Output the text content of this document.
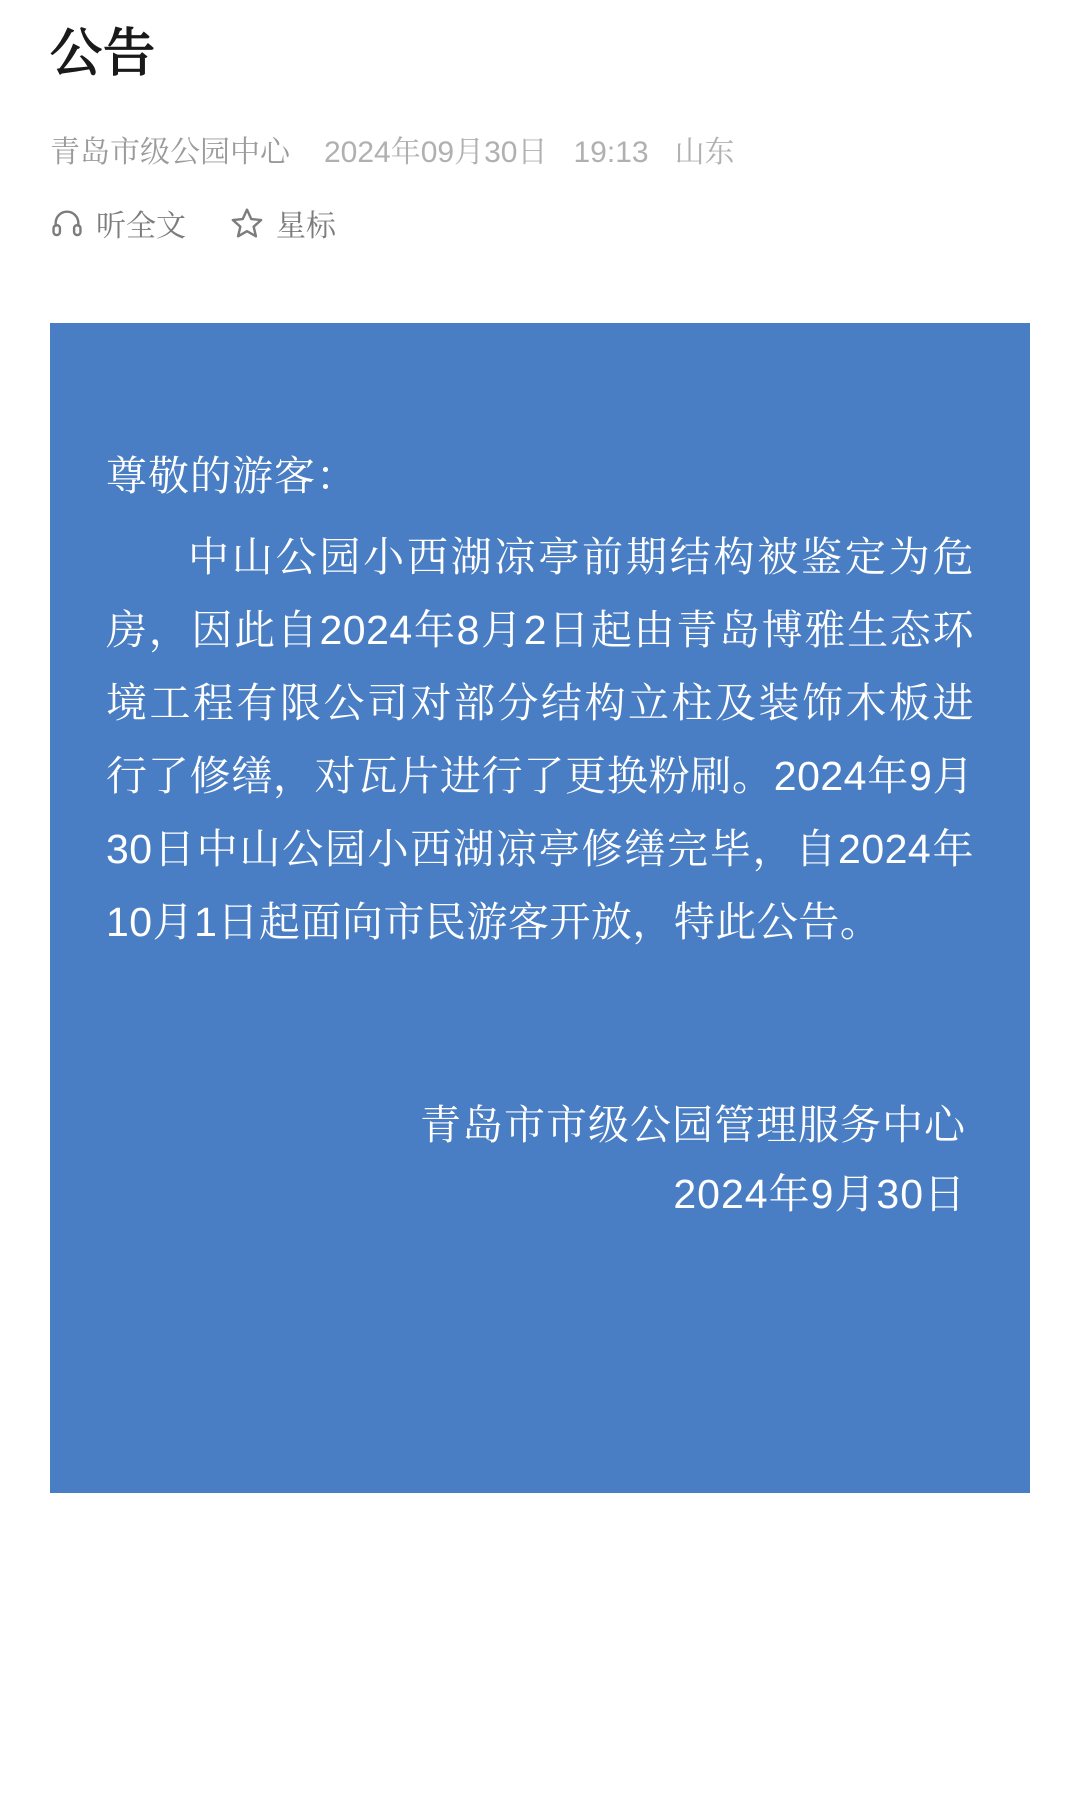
公告
青岛市级公园中心 2024年09月30日 19:13 山东
听全文	星标

尊敬的游客：

中山公园小西湖凉亭前期结构被鉴定为危房，因此自2024年8月2日起由青岛博雅生态环境工程有限公司对部分结构立柱及装饰木板进行了修缮，对瓦片进行了更换粉刷。2024年9月30日中山公园小西湖凉亭修缮完毕，自2024年10月1日起面向市民游客开放，特此公告。

青岛市市级公园管理服务中心
2024年9月30日
